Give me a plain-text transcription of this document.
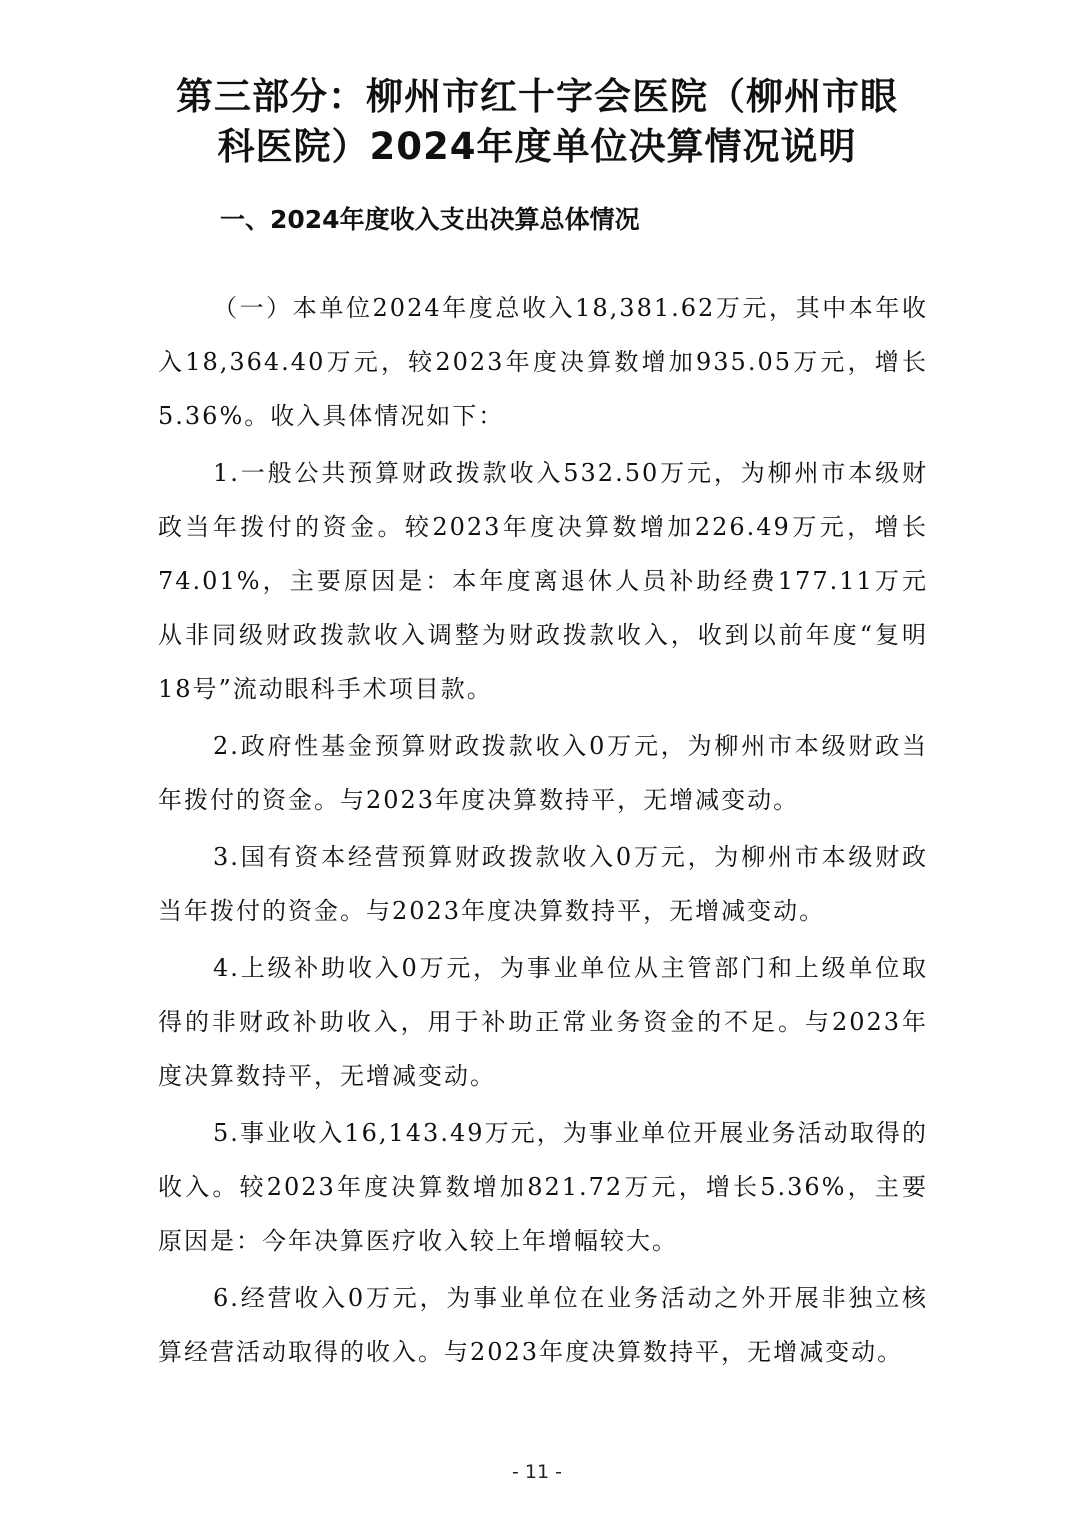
第三部分：柳州市红十字会医院（柳州市眼
科医院）2024年度单位决算情况说明
一、2024年度收入支出决算总体情况

（一）本单位2024年度总收入18,381.62万元，其中本年收入18,364.40万元，较2023年度决算数增加935.05万元，增长5.36%。收入具体情况如下：

1.一般公共预算财政拨款收入532.50万元，为柳州市本级财政当年拨付的资金。较2023年度决算数增加226.49万元，增长74.01%，主要原因是：本年度离退休人员补助经费177.11万元从非同级财政拨款收入调整为财政拨款收入，收到以前年度“复明18号”流动眼科手术项目款。

2.政府性基金预算财政拨款收入0万元，为柳州市本级财政当年拨付的资金。与2023年度决算数持平，无增减变动。

3.国有资本经营预算财政拨款收入0万元，为柳州市本级财政当年拨付的资金。与2023年度决算数持平，无增减变动。

4.上级补助收入0万元，为事业单位从主管部门和上级单位取得的非财政补助收入，用于补助正常业务资金的不足。与2023年度决算数持平，无增减变动。

5.事业收入16,143.49万元，为事业单位开展业务活动取得的收入。较2023年度决算数增加821.72万元，增长5.36%，主要原因是：今年决算医疗收入较上年增幅较大。

6.经营收入0万元，为事业单位在业务活动之外开展非独立核算经营活动取得的收入。与2023年度决算数持平，无增减变动。

- 11 -
